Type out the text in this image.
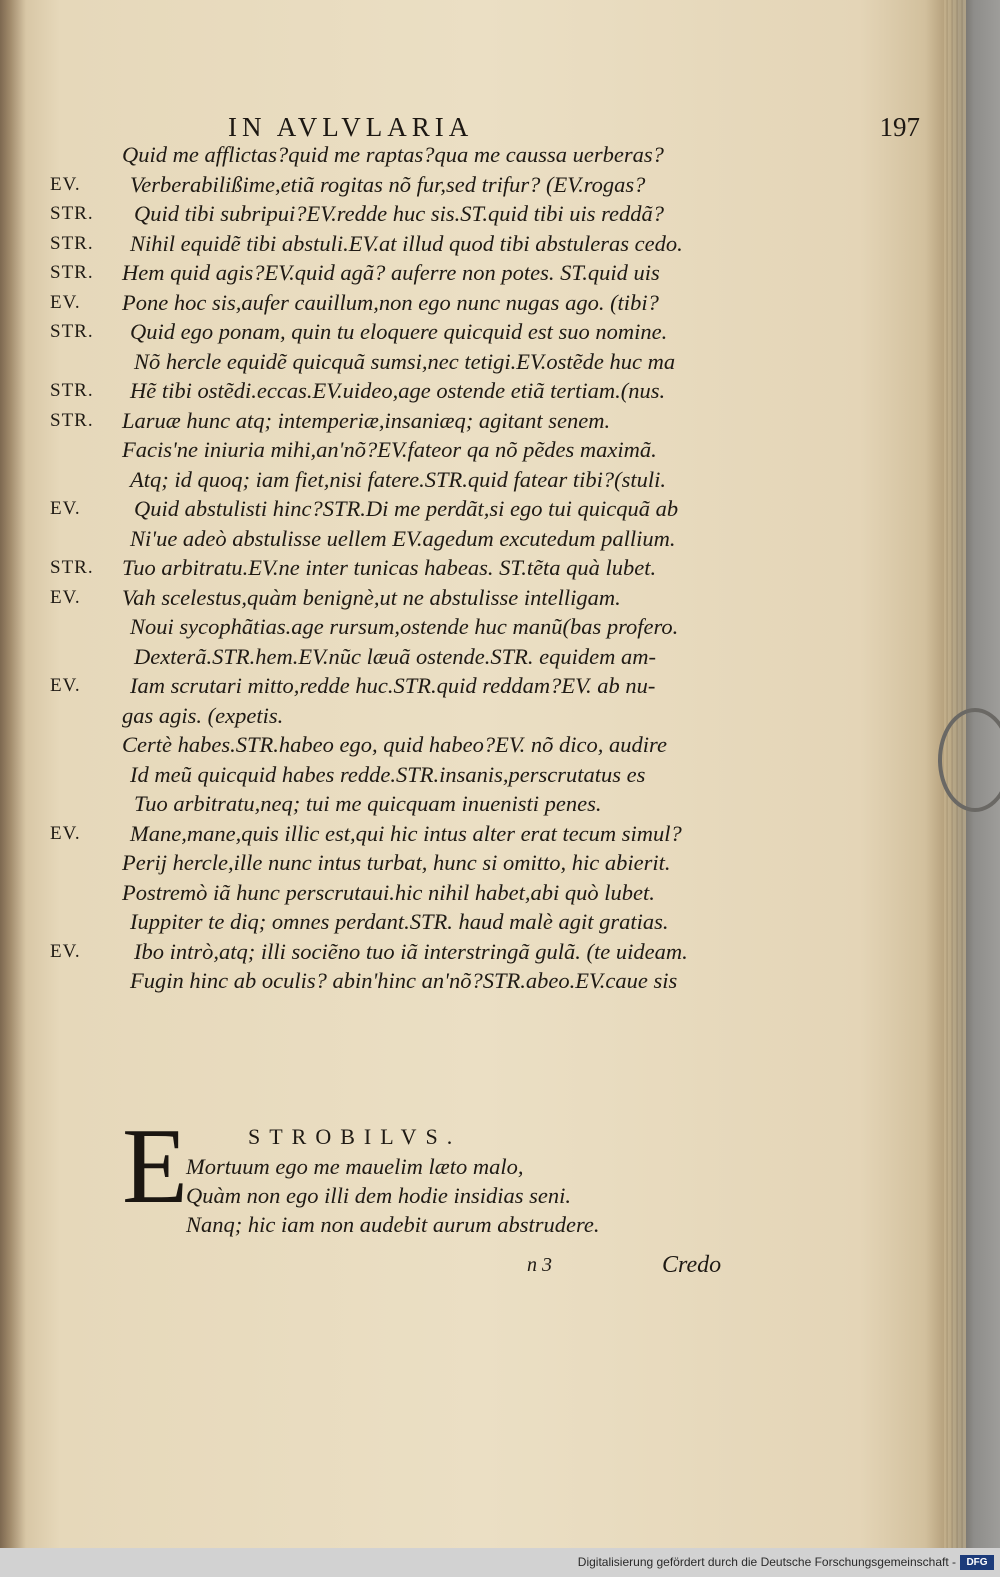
IN AVLVLARIA	197
Quid me afflictas?quid me raptas?qua me caussa uerberas?
EV. Verberabilißime,etiã rogitas nõ fur,sed trifur? (EV.rogas?
STR. Quid tibi subripui?EV.redde huc sis.ST.quid tibi uis reddã?
STR. Nihil equidẽ tibi abstuli.EV.at illud quod tibi abstuleras cedo.
STR. Hem quid agis?EV.quid agã? auferre non potes. ST.quid uis
EV. Pone hoc sis,aufer cauillum,non ego nunc nugas ago. (tibi?
STR. Quid ego ponam, quin tu eloquere quicquid est suo nomine.
Nõ hercle equidẽ quicquã sumsi,nec tetigi.EV.ostẽde huc ma
STR. Hẽ tibi ostẽdi.eccas.EV.uideo,age ostende etiã tertiam.(nus.
STR. Laruæ hunc atq; intemperiæ,insaniæq; agitant senem.
Facis'ne iniuria mihi,an'nõ?EV.fateor qa nõ pẽdes maximã.
Atq; id quoq; iam fiet,nisi fatere.STR.quid fatear tibi?(stuli.
EV. Quid abstulisti hinc?STR.Di me perdãt,si ego tui quicquã ab
Ni'ue adeò abstulisse uellem EV.agedum excutedum pallium.
STR. Tuo arbitratu.EV.ne inter tunicas habeas. ST.tẽta quà lubet.
EV. Vah scelestus,quàm benignè,ut ne abstulisse intelligam.
Noui sycophãtias.age rursum,ostende huc manũ(bas profero.
Dexterã.STR.hem.EV.nũc læuã ostende.STR. equidem am-
EV. Iam scrutari mitto,redde huc.STR.quid reddam?EV. ab nu-
gas agis. (expetis.
Certè habes.STR.habeo ego, quid habeo?EV. nõ dico, audire
Id meũ quicquid habes redde.STR.insanis,perscrutatus es
Tuo arbitratu,neq; tui me quicquam inuenisti penes.
EV. Mane,mane,quis illic est,qui hic intus alter erat tecum simul?
Perij hercle,ille nunc intus turbat, hunc si omitto, hic abierit.
Postremò iã hunc perscrutaui.hic nihil habet,abi quò lubet.
Iuppiter te diq; omnes perdant.STR. haud malè agit gratias.
EV. Ibo intrò,atq; illi sociẽno tuo iã interstringã gulã. (te uideam.
Fugin hinc ab oculis? abin'hinc an'nõ?STR.abeo.EV.caue sis
STROBILVS.
E
Mortuum ego me mauelim læto malo,
Quàm non ego illi dem hodie insidias seni.
Nanq; hic iam non audebit aurum abstrudere.
n 3	Credo
Digitalisierung gefördert durch die Deutsche Forschungsgemeinschaft -	DFG
